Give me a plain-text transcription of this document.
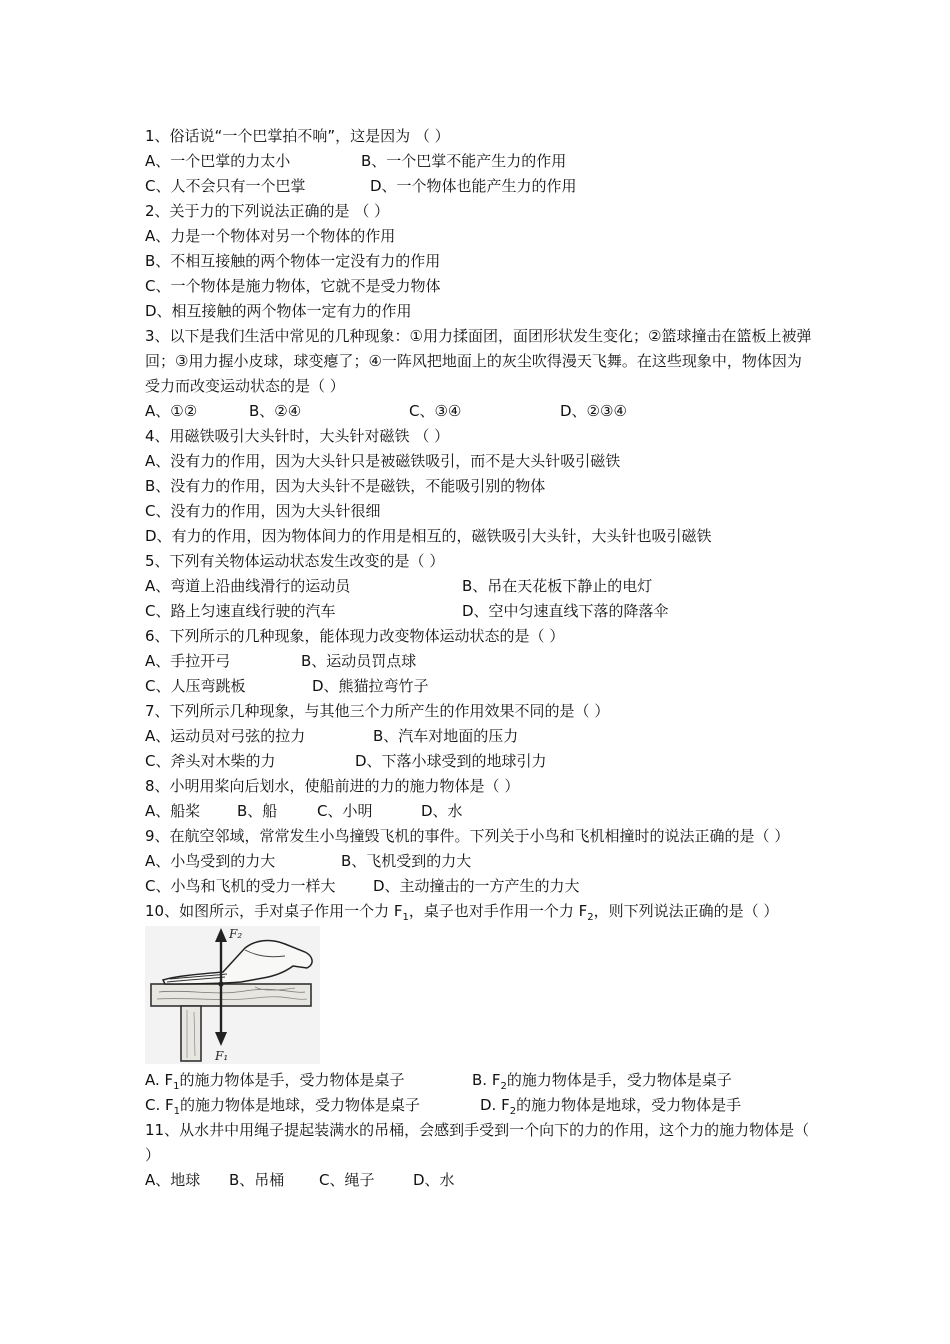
1、俗话说“一个巴掌拍不响”，这是因为 （ ）
A、一个巴掌的力太小	B、一个巴掌不能产生力的作用
C、人不会只有一个巴掌	D、一个物体也能产生力的作用
2、关于力的下列说法正确的是 （ ）
A、力是一个物体对另一个物体的作用
B、不相互接触的两个物体一定没有力的作用
C、一个物体是施力物体，它就不是受力物体
D、相互接触的两个物体一定有力的作用
3、以下是我们生活中常见的几种现象：①用力揉面团，面团形状发生变化；②篮球撞击在篮板上被弹回；③用力握小皮球，球变瘪了；④一阵风把地面上的灰尘吹得漫天飞舞。在这些现象中，物体因为受力而改变运动状态的是（ ）
A、①②	B、②④	C、③④	D、②③④
4、用磁铁吸引大头针时，大头针对磁铁 （ ）
A、没有力的作用，因为大头针只是被磁铁吸引，而不是大头针吸引磁铁
B、没有力的作用，因为大头针不是磁铁，不能吸引别的物体
C、没有力的作用，因为大头针很细
D、有力的作用，因为物体间力的作用是相互的，磁铁吸引大头针，大头针也吸引磁铁
5、下列有关物体运动状态发生改变的是（ ）
A、弯道上沿曲线滑行的运动员	B、吊在天花板下静止的电灯
C、路上匀速直线行驶的汽车	D、空中匀速直线下落的降落伞
6、下列所示的几种现象，能体现力改变物体运动状态的是（ ）
A、手拉开弓	B、运动员罚点球
C、人压弯跳板	D、熊猫拉弯竹子
7、下列所示几种现象，与其他三个力所产生的作用效果不同的是（ ）
A、运动员对弓弦的拉力	B、汽车对地面的压力
C、斧头对木柴的力	D、下落小球受到的地球引力
8、小明用桨向后划水，使船前进的力的施力物体是（ ）
A、船桨	B、船	C、小明	D、水
9、在航空邻域，常常发生小鸟撞毁飞机的事件。下列关于小鸟和飞机相撞时的说法正确的是（ ）
A、小鸟受到的力大	B、飞机受到的力大
C、小鸟和飞机的受力一样大	D、主动撞击的一方产生的力大
10、如图所示，手对桌子作用一个力 $F_1$，桌子也对手作用一个力 $F_2$，则下列说法正确的是（ ）
F₂
F₁
A. $F_1$的施力物体是手，受力物体是桌子	B. $F_2$的施力物体是手，受力物体是桌子
C. $F_1$的施力物体是地球，受力物体是桌子	D. $F_2$的施力物体是地球，受力物体是手
11、从水井中用绳子提起装满水的吊桶，会感到手受到一个向下的力的作用，这个力的施力物体是（ ）
A、地球	B、吊桶	C、绳子	D、水
